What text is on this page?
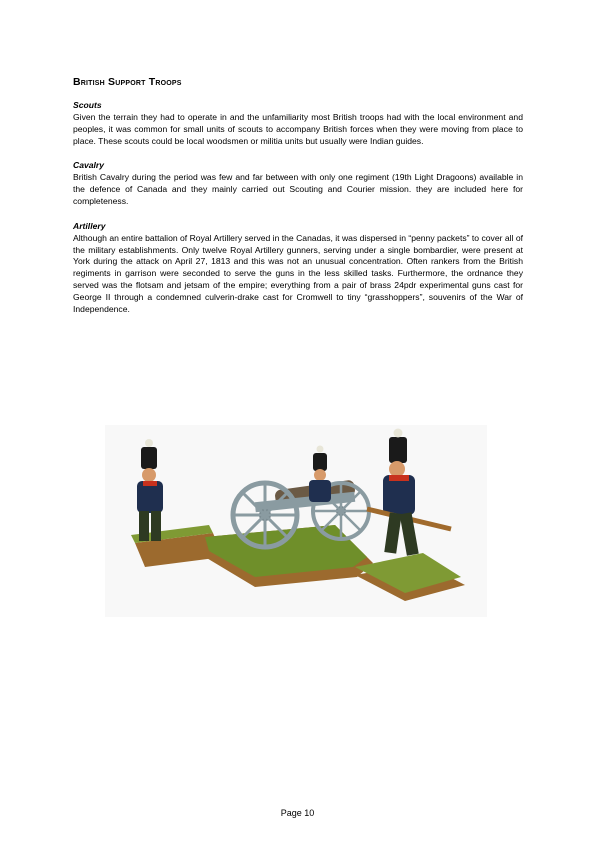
British Support Troops
Scouts

Given the terrain they had to operate in and the unfamiliarity most British troops had with the local environment and peoples, it was common for small units of scouts to accompany British forces when they were moving from place to place. These scouts could be local woodsmen or militia units but usually were Indian guides.

Cavalry

British Cavalry during the period was few and far between with only one regiment (19th Light Dragoons) available in the defence of Canada and they mainly carried out Scouting and Courier mission. they are included here for completeness.

Artillery

Although an entire battalion of Royal Artillery served in the Canadas, it was dispersed in “penny packets” to cover all of the military establishments. Only twelve Royal Artillery gunners, serving under a single bombardier, were present at York during the attack on April 27, 1813 and this was not an unusual concentration. Often rankers from the British regiments in garrison were seconded to serve the guns in the less skilled tasks. Furthermore, the ordnance they served was the flotsam and jetsam of the empire; everything from a pair of brass 24pdr experimental guns cast for George II through a condemned culverin-drake cast for Cromwell to tiny “grasshoppers”, souvenirs of the War of Independence.

Page 10
